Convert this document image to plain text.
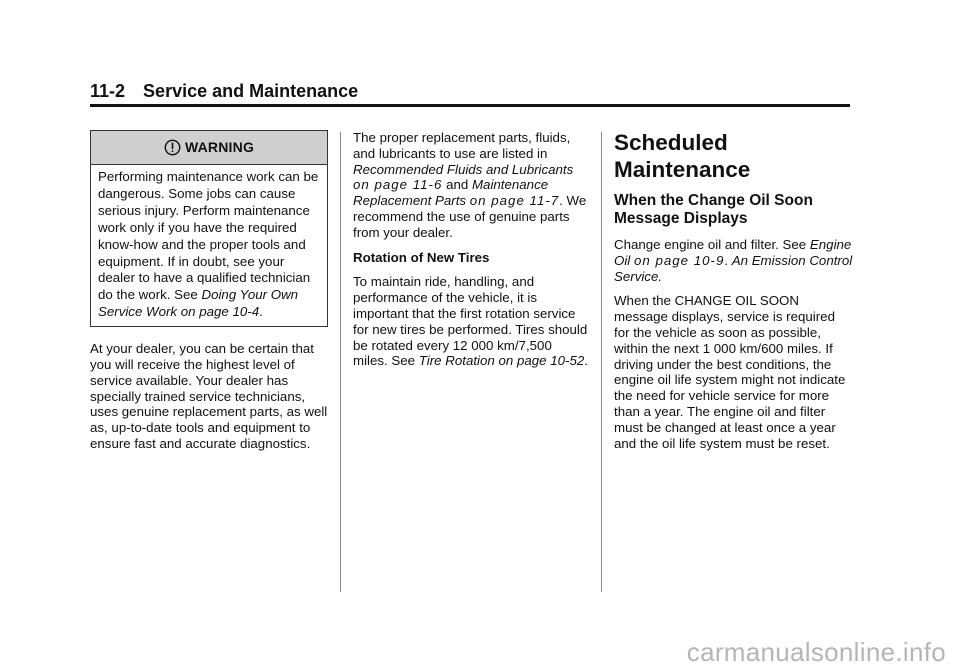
11-2 Service and Maintenance
WARNING
Performing maintenance work can be dangerous. Some jobs can cause serious injury. Perform maintenance work only if you have the required know-how and the proper tools and equipment. If in doubt, see your dealer to have a qualified technician do the work. See Doing Your Own Service Work on page 10-4.

At your dealer, you can be certain that you will receive the highest level of service available. Your dealer has specially trained service technicians, uses genuine replacement parts, as well as, up-to-date tools and equipment to ensure fast and accurate diagnostics.

The proper replacement parts, fluids, and lubricants to use are listed in Recommended Fluids and Lubricants on page 11-6 and Maintenance Replacement Parts on page 11-7. We recommend the use of genuine parts from your dealer.

Rotation of New Tires

To maintain ride, handling, and performance of the vehicle, it is important that the first rotation service for new tires be performed. Tires should be rotated every 12 000 km/7,500 miles. See Tire Rotation on page 10-52.

Scheduled Maintenance

When the Change Oil Soon Message Displays

Change engine oil and filter. See Engine Oil on page 10-9. An Emission Control Service.

When the CHANGE OIL SOON message displays, service is required for the vehicle as soon as possible, within the next 1 000 km/600 miles. If driving under the best conditions, the engine oil life system might not indicate the need for vehicle service for more than a year. The engine oil and filter must be changed at least once a year and the oil life system must be reset.

carmanualsonline.info
